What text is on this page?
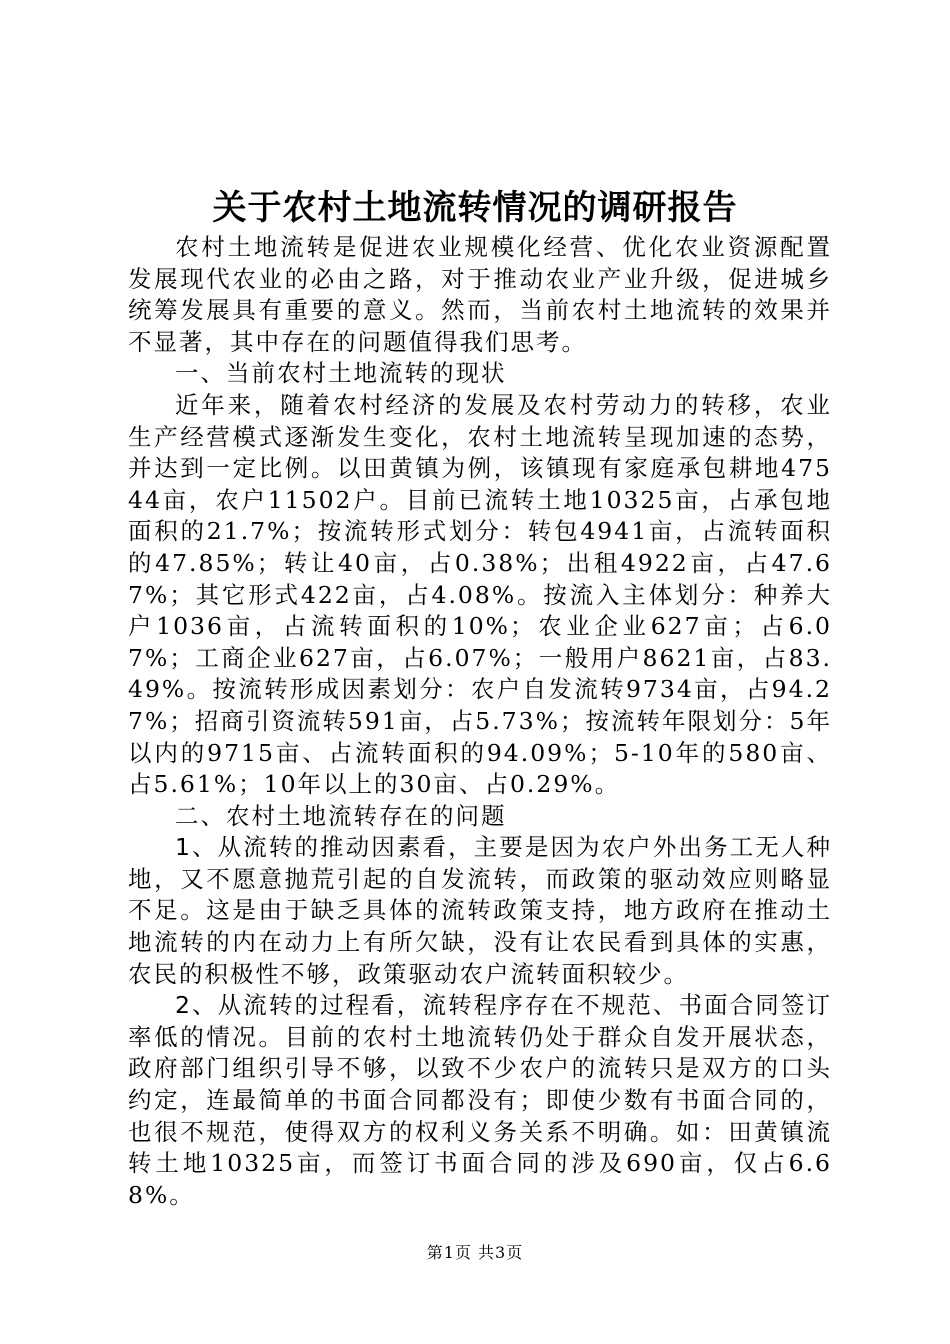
关于农村土地流转情况的调研报告

农村土地流转是促进农业规模化经营、优化农业资源配置发展现代农业的必由之路，对于推动农业产业升级，促进城乡统筹发展具有重要的意义。然而，当前农村土地流转的效果并不显著，其中存在的问题值得我们思考。

一、当前农村土地流转的现状

近年来，随着农村经济的发展及农村劳动力的转移，农业生产经营模式逐渐发生变化，农村土地流转呈现加速的态势，并达到一定比例。以田黄镇为例，该镇现有家庭承包耕地47544亩，农户11502户。目前已流转土地10325亩，占承包地面积的21.7%；按流转形式划分：转包4941亩，占流转面积的47.85%；转让40亩，占0.38%；出租4922亩，占47.67%；其它形式422亩，占4.08%。按流入主体划分：种养大户1036亩，占流转面积的10%；农业企业627亩；占6.07%；工商企业627亩，占6.07%；一般用户8621亩，占83.49%。按流转形成因素划分：农户自发流转9734亩，占94.27%；招商引资流转591亩，占5.73%；按流转年限划分：5年以内的9715亩、占流转面积的94.09%；5-10年的580亩、占5.61%；10年以上的30亩、占0.29%。

二、农村土地流转存在的问题

1、从流转的推动因素看，主要是因为农户外出务工无人种地，又不愿意抛荒引起的自发流转，而政策的驱动效应则略显不足。这是由于缺乏具体的流转政策支持，地方政府在推动土地流转的内在动力上有所欠缺，没有让农民看到具体的实惠，农民的积极性不够，政策驱动农户流转面积较少。

2、从流转的过程看，流转程序存在不规范、书面合同签订率低的情况。目前的农村土地流转仍处于群众自发开展状态，政府部门组织引导不够，以致不少农户的流转只是双方的口头约定，连最简单的书面合同都没有；即使少数有书面合同的，也很不规范，使得双方的权利义务关系不明确。如：田黄镇流转土地10325亩，而签订书面合同的涉及690亩，仅占6.68%。

第1页 共3页
